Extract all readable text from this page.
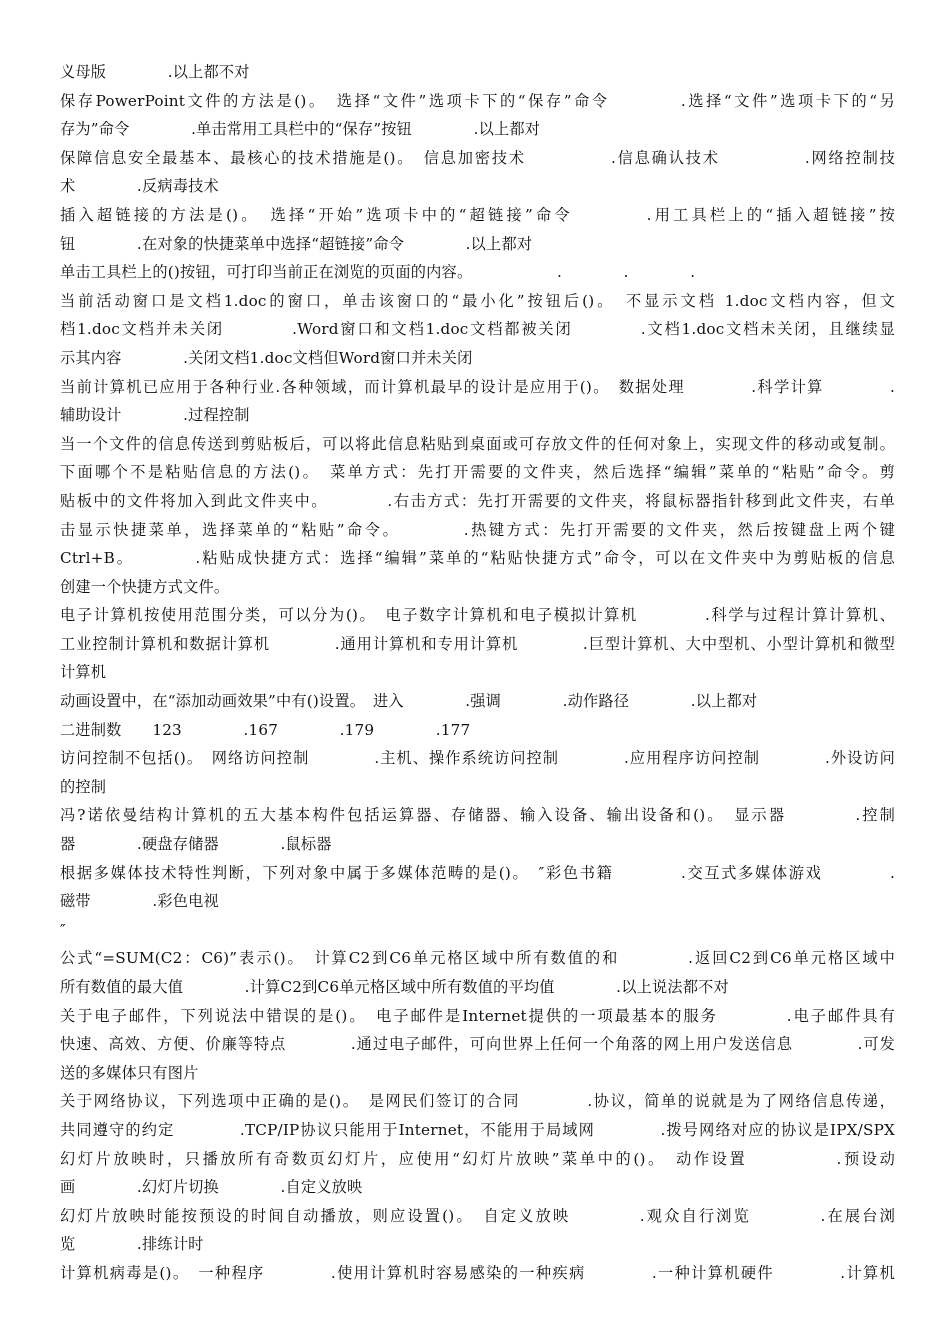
义母版　　　　.以上都不对
保存PowerPoint文件的方法是()。　选择“文件”选项卡下的“保存”命令　　　　.选择“文件”选项卡下的“另
存为”命令　　　　.单击常用工具栏中的“保存”按钮　　　　.以上都对
保障信息安全最基本、最核心的技术措施是()。　信息加密技术　　　　　.信息确认技术　　　　　.网络控制技
术　　　　.反病毒技术
插入超链接的方法是()。　选择“开始”选项卡中的“超链接”命令　　　　.用工具栏上的“插入超链接”按
钮　　　　.在对象的快捷菜单中选择“超链接”命令　　　　.以上都对
单击工具栏上的()按钮，可打印当前正在浏览的页面的内容。　　　　　　.　　　　.　　　　.
当前活动窗口是文档1.doc的窗口，单击该窗口的“最小化”按钮后()。　不显示文档 1.doc文档内容，但文
档1.doc文档并未关闭　　　　.Word窗口和文档1.doc文档都被关闭　　　　.文档1.doc文档未关闭，且继续显
示其内容　　　　.关闭文档1.doc文档但Word窗口并未关闭
当前计算机已应用于各种行业.各种领域，而计算机最早的设计是应用于()。　数据处理　　　　.科学计算　　　　.
辅助设计　　　　.过程控制
当一个文件的信息传送到剪贴板后，可以将此信息粘贴到桌面或可存放文件的任何对象上，实现文件的移动或复制。
下面哪个不是粘贴信息的方法()。　菜单方式：先打开需要的文件夹，然后选择“编辑”菜单的“粘贴”命令。剪
贴板中的文件将加入到此文件夹中。　　　　.右击方式：先打开需要的文件夹，将鼠标器指针移到此文件夹，右单
击显示快捷菜单，选择菜单的“粘贴”命令。　　　　.热键方式：先打开需要的文件夹，然后按键盘上两个键
Ctrl+B。　　　　.粘贴成快捷方式：选择“编辑”菜单的“粘贴快捷方式”命令，可以在文件夹中为剪贴板的信息
创建一个快捷方式文件。
电子计算机按使用范围分类，可以分为()。　电子数字计算机和电子模拟计算机　　　　.科学与过程计算计算机、
工业控制计算机和数据计算机　　　　.通用计算机和专用计算机　　　　.巨型计算机、大中型机、小型计算机和微型
计算机
动画设置中，在“添加动画效果”中有()设置。　进入　　　　.强调　　　　.动作路径　　　　.以上都对
二进制数　　123　　　　.167　　　　.179　　　　.177
访问控制不包括()。　网络访问控制　　　　.主机、操作系统访问控制　　　　.应用程序访问控制　　　　.外设访问
的控制
冯?诺依曼结构计算机的五大基本构件包括运算器、存储器、输入设备、输出设备和()。　显示器　　　　.控制
器　　　　.硬盘存储器　　　　.鼠标器
根据多媒体技术特性判断，下列对象中属于多媒体范畴的是()。　″彩色书籍　　　　.交互式多媒体游戏　　　　.
磁带　　　　.彩色电视
″
公式“=SUM(C2：C6)”表示()。　计算C2到C6单元格区域中所有数值的和　　　　.返回C2到C6单元格区域中
所有数值的最大值　　　　.计算C2到C6单元格区域中所有数值的平均值　　　　.以上说法都不对
关于电子邮件，下列说法中错误的是()。　电子邮件是Internet提供的一项最基本的服务　　　　.电子邮件具有
快速、高效、方便、价廉等特点　　　　.通过电子邮件，可向世界上任何一个角落的网上用户发送信息　　　　.可发
送的多媒体只有图片
关于网络协议，下列选项中正确的是()。　是网民们签订的合同　　　　.协议，简单的说就是为了网络信息传递，
共同遵守的约定　　　　.TCP/IP协议只能用于Internet，不能用于局域网　　　　.拨号网络对应的协议是IPX/SPX
幻灯片放映时，只播放所有奇数页幻灯片，应使用“幻灯片放映”菜单中的()。　动作设置　　　　　.预设动
画　　　　.幻灯片切换　　　　.自定义放映
幻灯片放映时能按预设的时间自动播放，则应设置()。　自定义放映　　　　.观众自行浏览　　　　.在展台浏
览　　　　.排练计时
计算机病毒是()。　一种程序　　　　.使用计算机时容易感染的一种疾病　　　　.一种计算机硬件　　　　.计算机
